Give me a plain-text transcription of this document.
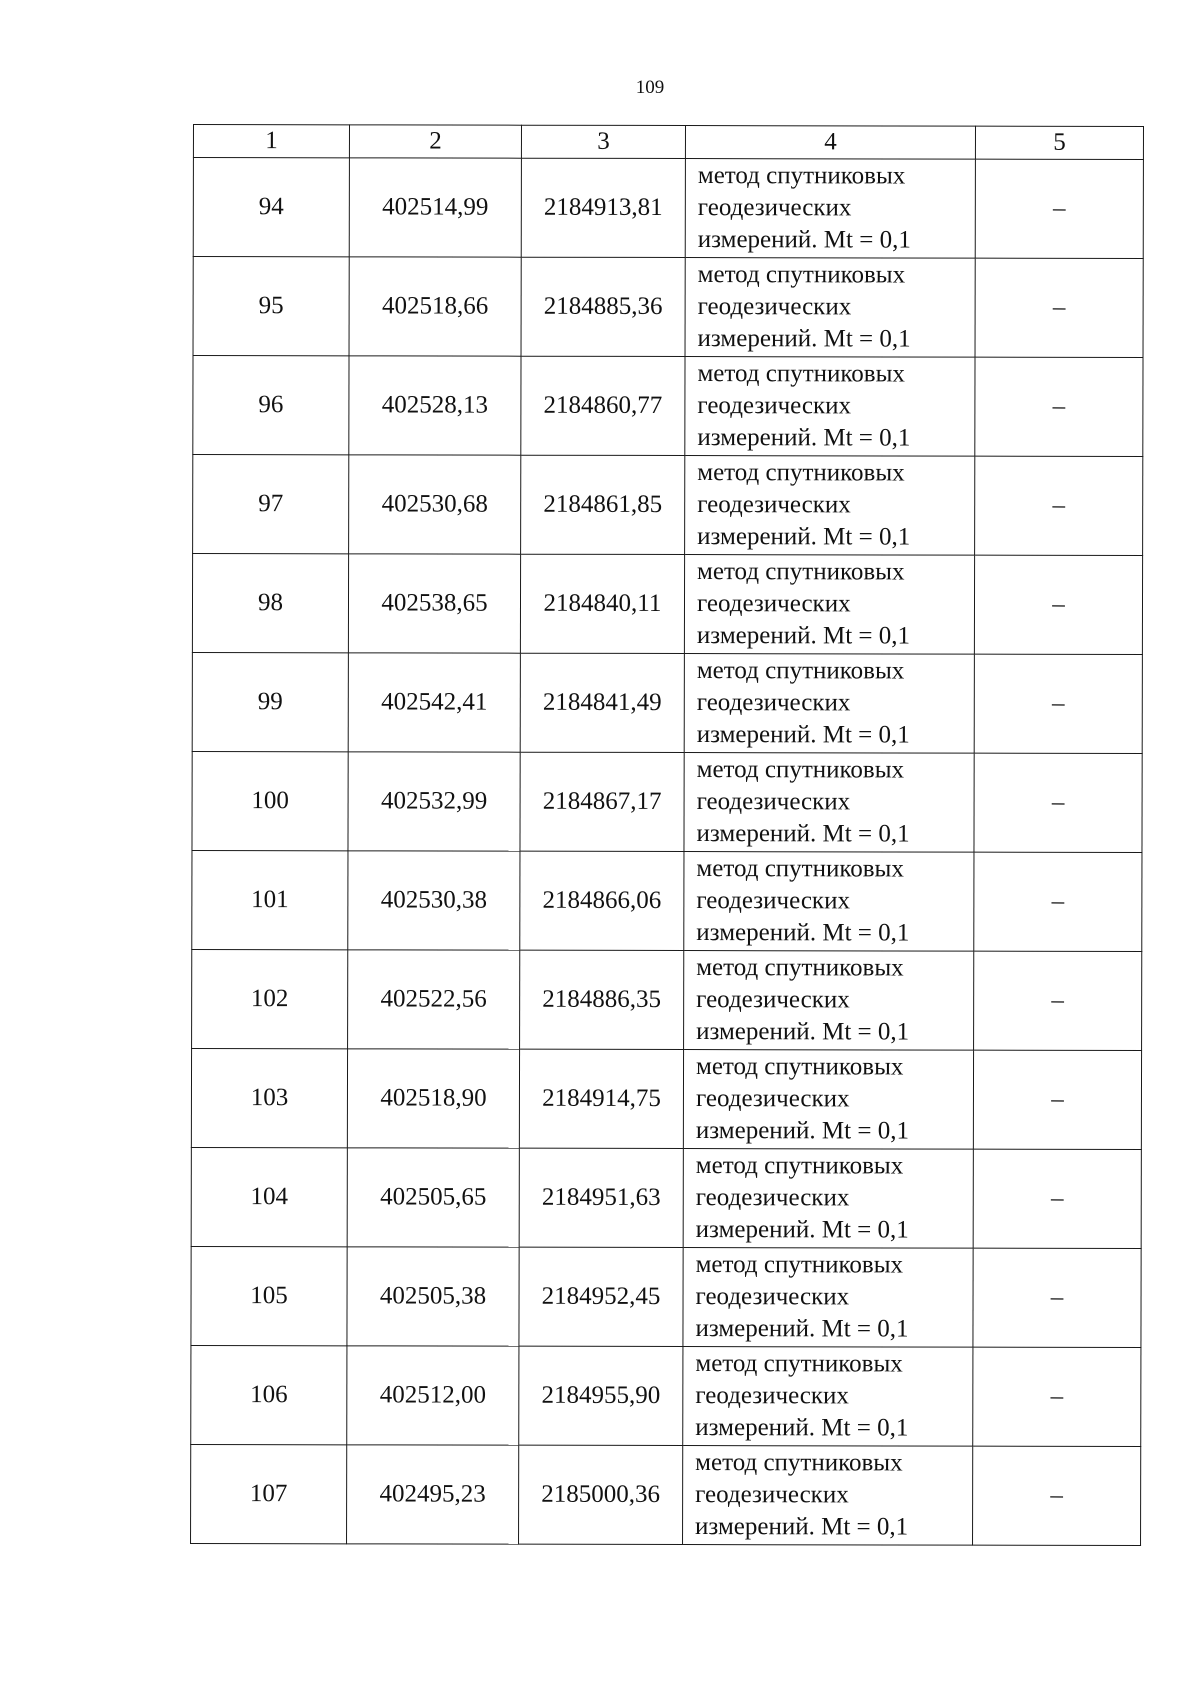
109
1	2	3	4	5
94	402514,99	2184913,81	метод спутниковых
геодезических
измерений. Mt = 0,1	–
95	402518,66	2184885,36	метод спутниковых
геодезических
измерений. Mt = 0,1	–
96	402528,13	2184860,77	метод спутниковых
геодезических
измерений. Mt = 0,1	–
97	402530,68	2184861,85	метод спутниковых
геодезических
измерений. Mt = 0,1	–
98	402538,65	2184840,11	метод спутниковых
геодезических
измерений. Mt = 0,1	–
99	402542,41	2184841,49	метод спутниковых
геодезических
измерений. Mt = 0,1	–
100	402532,99	2184867,17	метод спутниковых
геодезических
измерений. Mt = 0,1	–
101	402530,38	2184866,06	метод спутниковых
геодезических
измерений. Mt = 0,1	–
102	402522,56	2184886,35	метод спутниковых
геодезических
измерений. Mt = 0,1	–
103	402518,90	2184914,75	метод спутниковых
геодезических
измерений. Mt = 0,1	–
104	402505,65	2184951,63	метод спутниковых
геодезических
измерений. Mt = 0,1	–
105	402505,38	2184952,45	метод спутниковых
геодезических
измерений. Mt = 0,1	–
106	402512,00	2184955,90	метод спутниковых
геодезических
измерений. Mt = 0,1	–
107	402495,23	2185000,36	метод спутниковых
геодезических
измерений. Mt = 0,1	–
